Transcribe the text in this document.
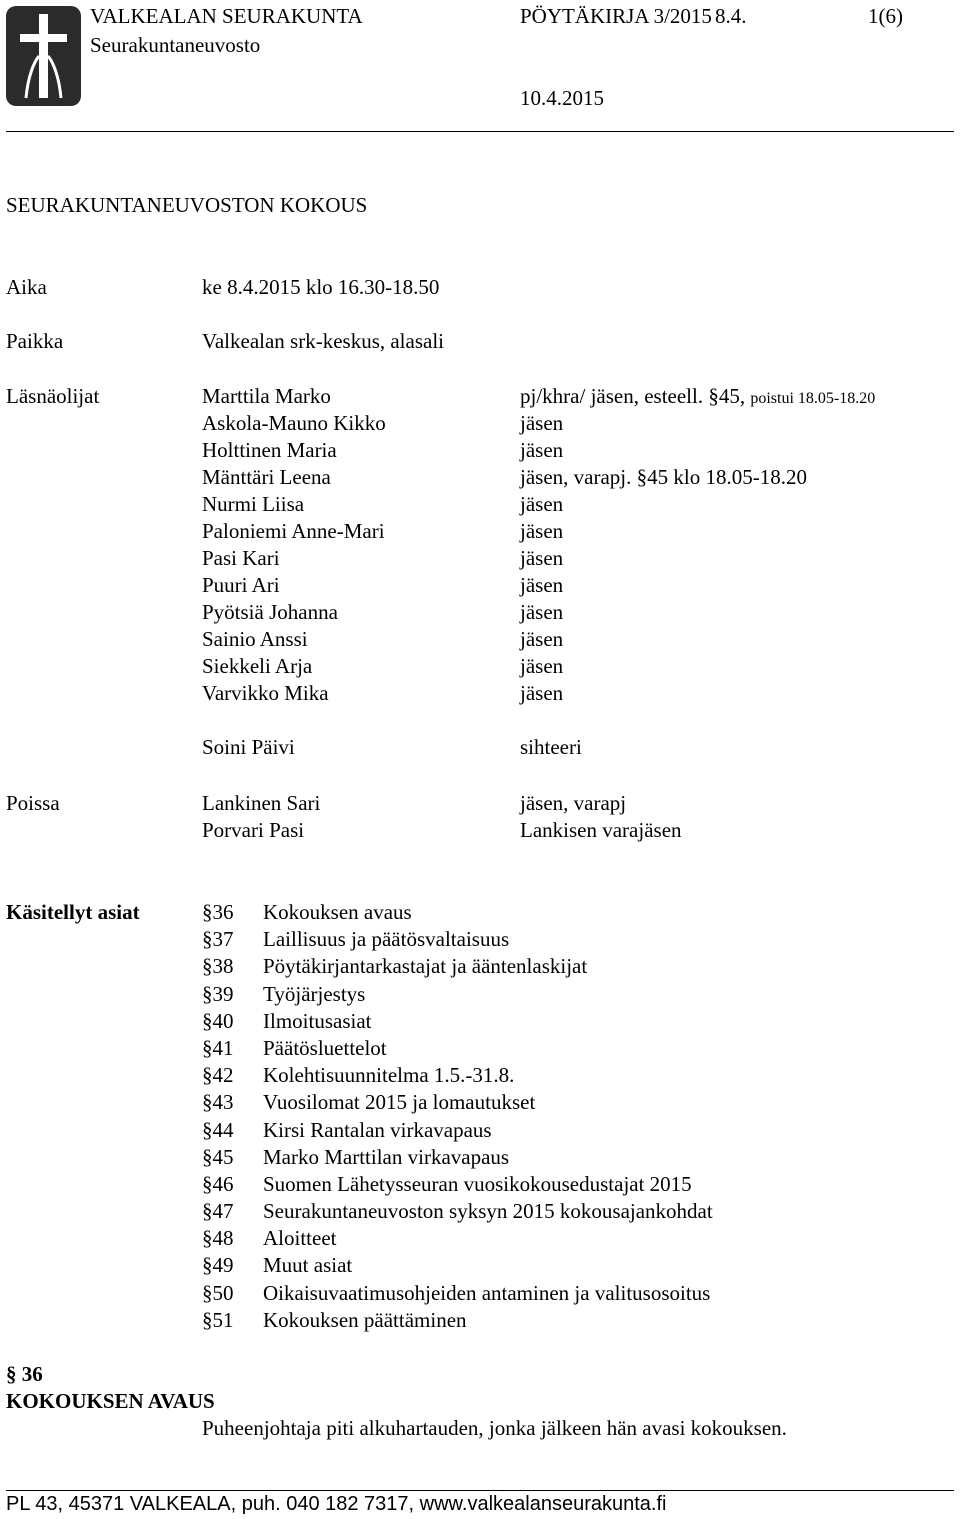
VALKEALAN SEURAKUNTA	PÖYTÄKIRJA 3/2015 8.4.	1(6)
Seurakuntaneuvosto
10.4.2015
SEURAKUNTANEUVOSTON KOKOUS
Aika	ke 8.4.2015 klo 16.30-18.50
Paikka	Valkealan srk-keskus, alasali
Läsnäolijat	Marttila Marko	pj/khra/ jäsen, esteell. §45, poistui 18.05-18.20
Askola-Mauno Kikko	jäsen
Holttinen Maria	jäsen
Mänttäri Leena	jäsen, varapj. §45 klo 18.05-18.20
Nurmi Liisa	jäsen
Paloniemi Anne-Mari	jäsen
Pasi Kari	jäsen
Puuri Ari	jäsen
Pyötsiä Johanna	jäsen
Sainio Anssi	jäsen
Siekkeli Arja	jäsen
Varvikko Mika	jäsen
Soini Päivi	sihteeri
Poissa	Lankinen Sari	jäsen, varapj
Porvari Pasi	Lankisen varajäsen
Käsitellyt asiat	§36 Kokouksen avaus
§37 Laillisuus ja päätösvaltaisuus
§38 Pöytäkirjantarkastajat ja ääntenlaskijat
§39 Työjärjestys
§40 Ilmoitusasiat
§41 Päätösluettelot
§42 Kolehtisuunnitelma 1.5.-31.8.
§43 Vuosilomat 2015 ja lomautukset
§44 Kirsi Rantalan virkavapaus
§45 Marko Marttilan virkavapaus
§46 Suomen Lähetysseuran vuosikokousedustajat 2015
§47 Seurakuntaneuvoston syksyn 2015 kokousajankohdat
§48 Aloitteet
§49 Muut asiat
§50 Oikaisuvaatimusohjeiden antaminen ja valitusosoitus
§51 Kokouksen päättäminen
§ 36
KOKOUKSEN AVAUS
Puheenjohtaja piti alkuhartauden, jonka jälkeen hän avasi kokouksen.
PL 43, 45371 VALKEALA, puh. 040 182 7317, www.valkealanseurakunta.fi
